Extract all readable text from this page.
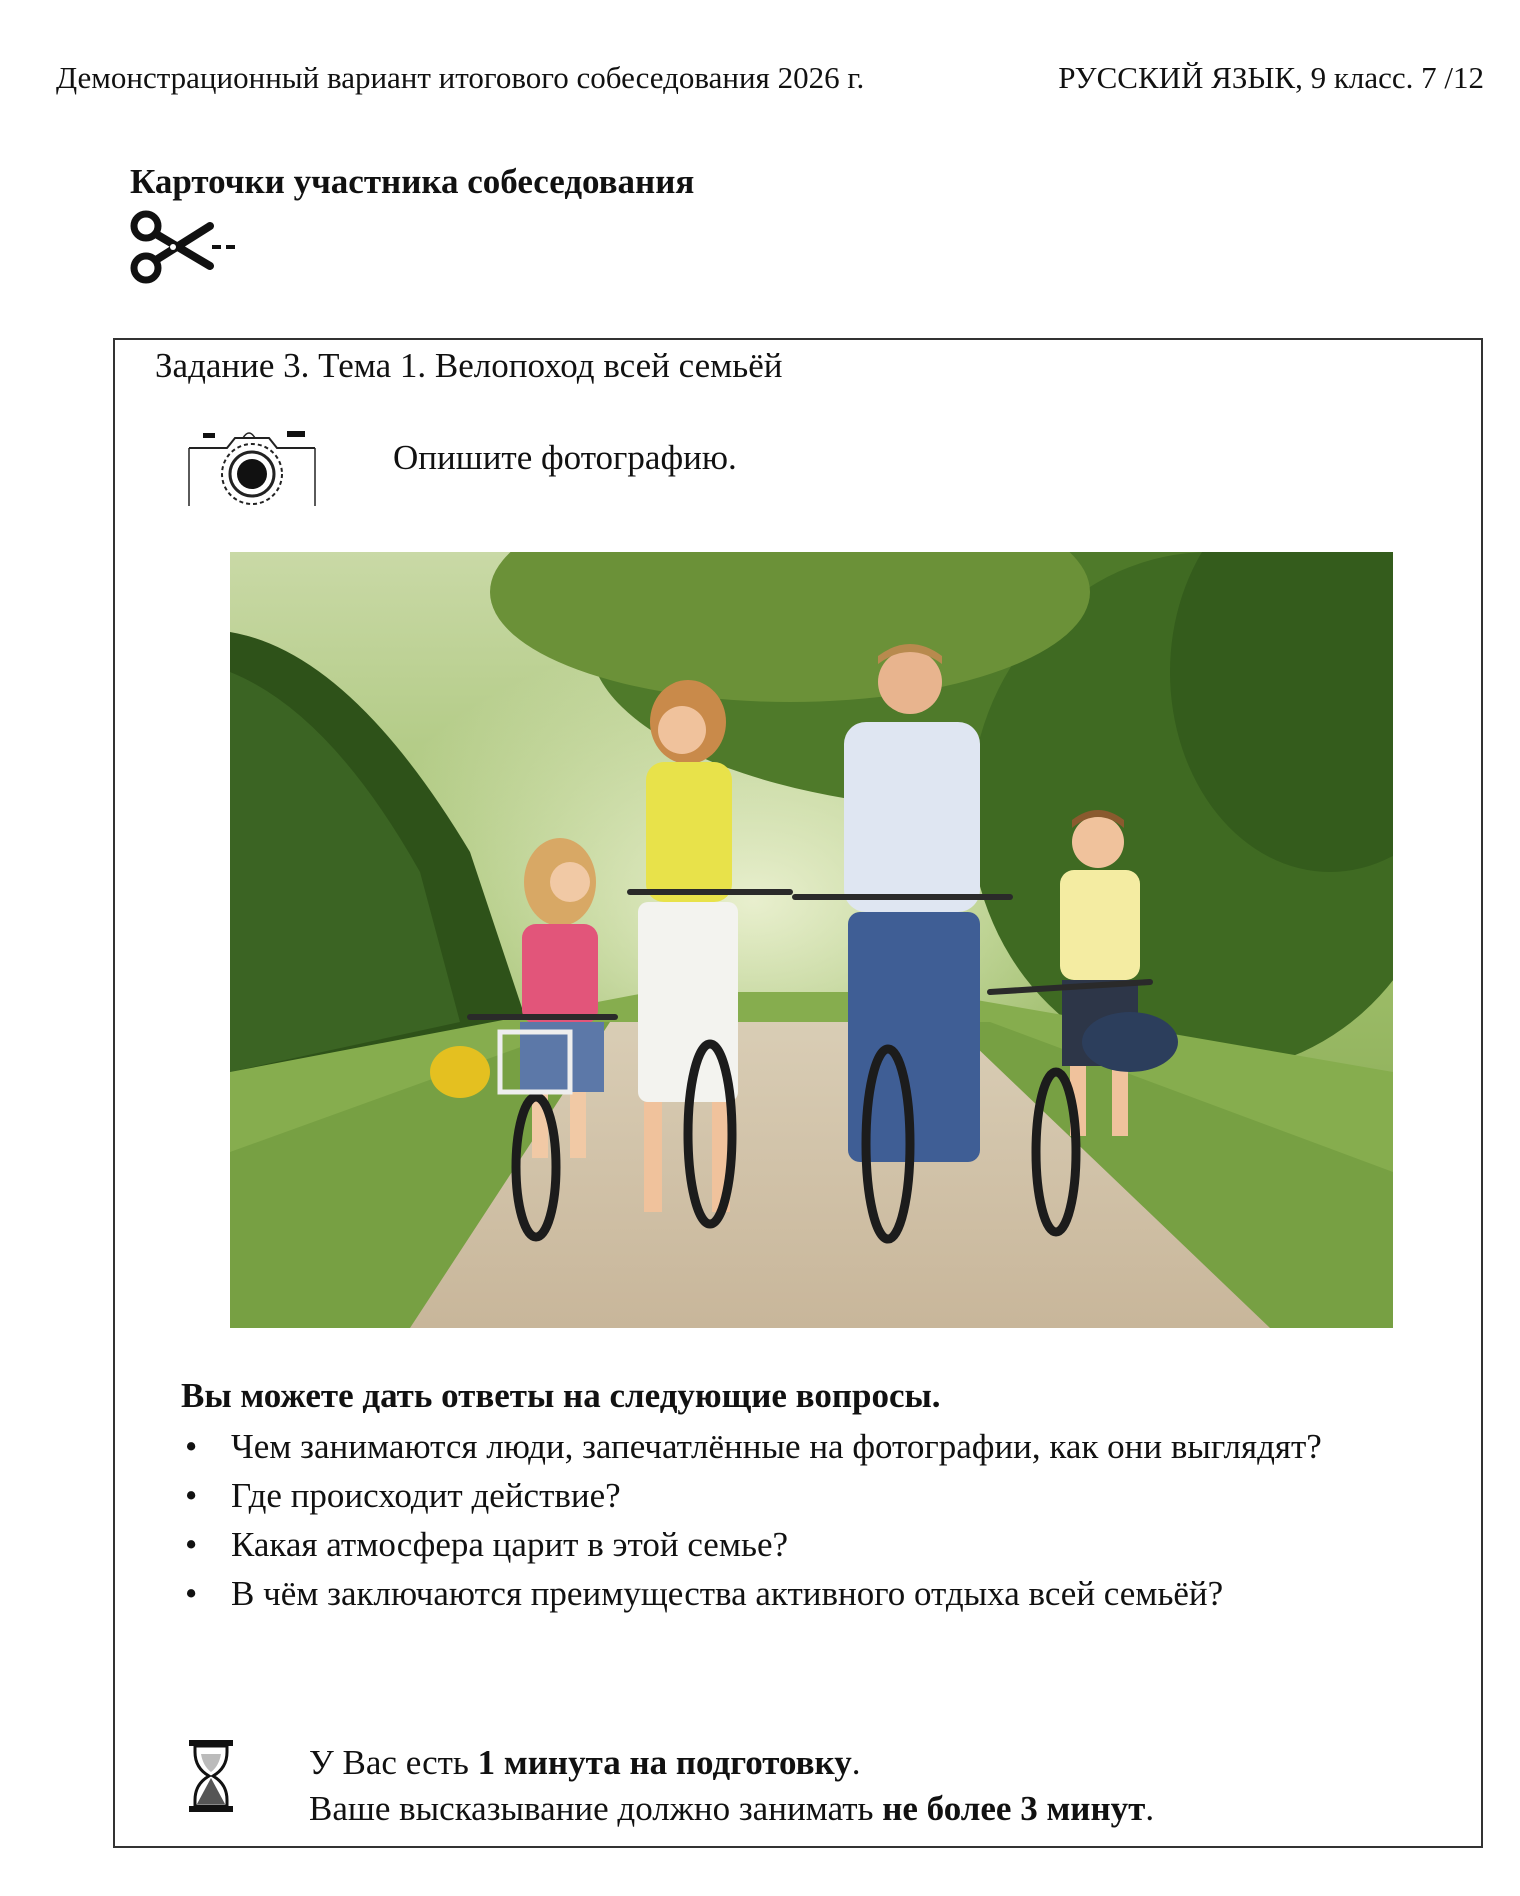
Демонстрационный вариант итогового собеседования 2026 г.	РУССКИЙ ЯЗЫК, 9 класс. 7 /12
Карточки участника собеседования
Задание 3. Тема 1. Велопоход всей семьёй
Опишите фотографию.
Вы можете дать ответы на следующие вопросы.
• Чем занимаются люди, запечатлённые на фотографии, как они выглядят?
• Где происходит действие?
• Какая атмосфера царит в этой семье?
• В чём заключаются преимущества активного отдыха всей семьёй?
У Вас есть 1 минута на подготовку.
Ваше высказывание должно занимать не более 3 минут.
